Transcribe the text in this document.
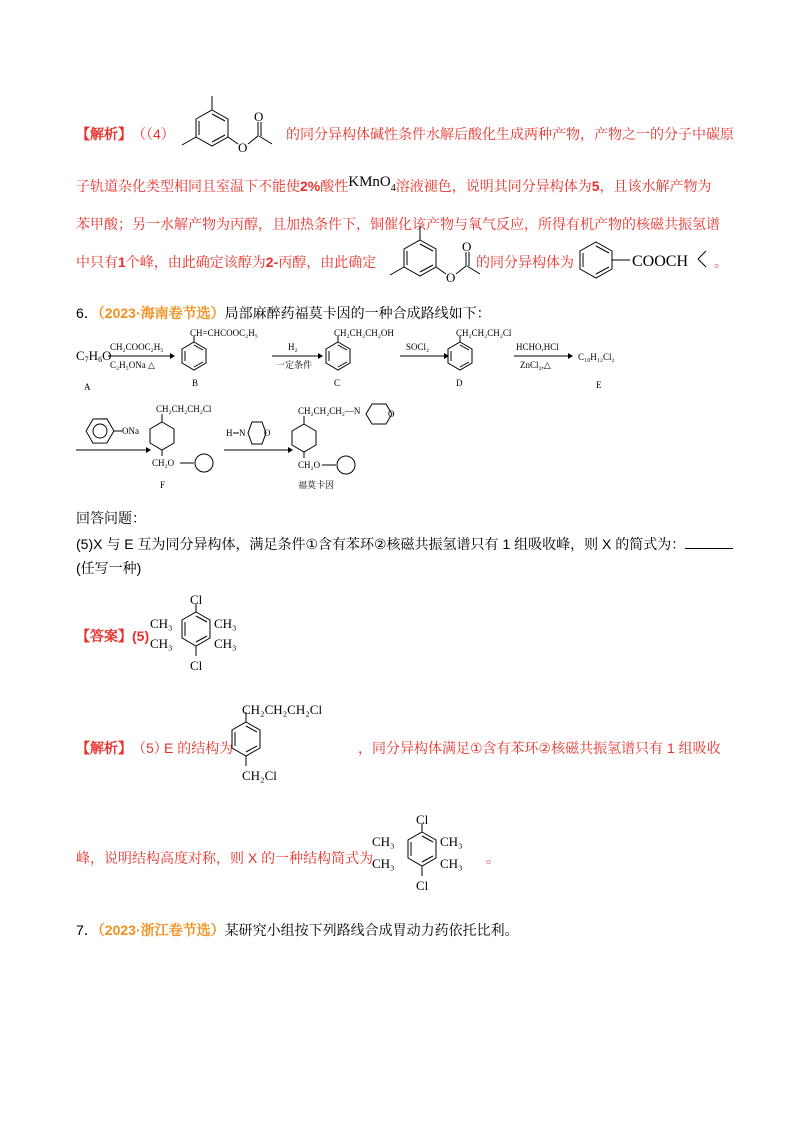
【解析】 （（4）
O
O
的同分异构体碱性条件水解后酸化生成两种产物，产物之一的分子中碳原
子轨道杂化类型相同且室温下不能使2%酸性KMnO4溶液褪色，说明其同分异构体为5，且该水解产物为
苯甲酸；另一水解产物为丙醇，且加热条件下，铜催化该产物与氧气反应，所得有机产物的核磁共振氢谱
中只有1个峰，由此确定该醇为2-丙醇，由此确定
O
O
的同分异构体为	COOCH 。
6．（2023·海南卷节选）局部麻醉药福莫卡因的一种合成路线如下：
C7H6O
A
CH₂COOC₂H₅
C₂H₅ONa △
CH=CHCOOC₂H₅
B
H₂
一定条件
CH₂CH₂CH₂OH
C
SOCl₂
CH₂CH₂CH₂Cl
D
HCHO,HCl
ZnCl₂,△
C₁₀H₁₂Cl₂
E
ONa
CH₂CH₂CH₂Cl
CH₂O
F
H N O
CH₂CH₂CH₂—N	O
CH₂O
福莫卡因
回答问题：
(5)X 与 E 互为同分异构体，满足条件①含有苯环②核磁共振氢谱只有 1 组吸收峰，则 X 的简式为：
(任写一种)
【答案】 (5)
Cl
Cl
CH₃
CH₃
CH₃
CH₃
【解析】 （5）
E 的结构为
CH₂CH₂CH₂Cl
CH₂Cl
，同分异构体满足①含有苯环②核磁共振氢谱只有 1 组吸收
峰，说明结构高度对称，则 X 的一种结构简式为
Cl
Cl
CH₃
CH₃
CH₃
CH₃ 。
7．（2023·浙江卷节选）某研究小组按下列路线合成胃动力药依托比利。
